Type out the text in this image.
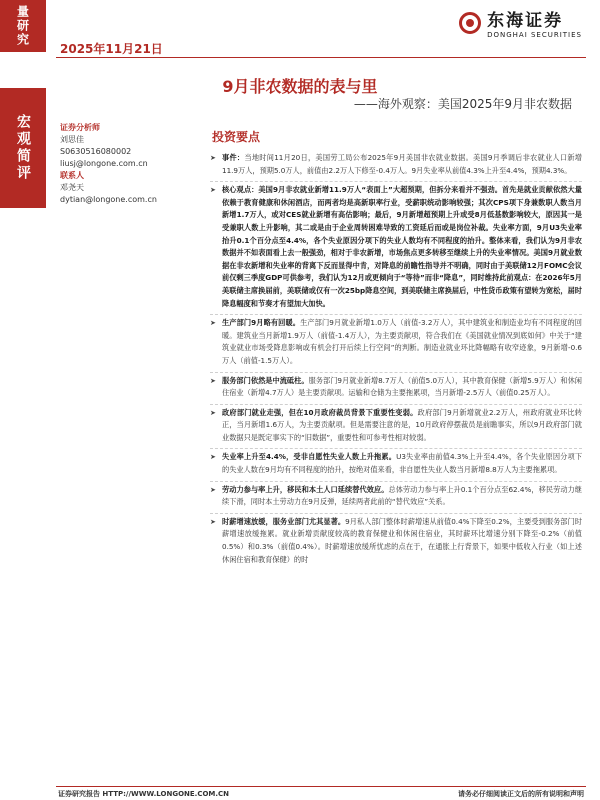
量研究
宏观简评
2025年11月21日
东海证券
DONGHAI SECURITIES
9月非农数据的表与里
——海外观察：美国2025年9月非农数据
证券分析师
刘思佳
S0630516080002
liusj@longone.com.cn
联系人
邓尧天
dytian@longone.com.cn
投资要点
➤ 事件：当地时间11月20日，美国劳工局公布2025年9月美国非农就业数据。美国9月季调后非农就业人口新增11.9万人，预期5.0万人，前值由2.2万人下修至-0.4万人。9月失业率从前值4.3%上升至4.4%，预期4.3%。
➤ 核心观点：美国9月非农就业新增11.9万人“表面上”大超预期，但拆分来看并不强劲。首先是就业贡献依然大量依赖于教育健康和休闲酒店，而两者均是高新职率行业，受薪职统动影响较强；其次CPS项下身兼数职人数当月新增1.7万人，或对CES就业新增有高估影响；最后，9月新增超预期上升或受8月低基数影响较大，原因其一是受兼职人数上升影响，其二或是由于企业周转困难导致的工资延后而或是岗位补裁。失业率方面，9月U3失业率抬升0.1个百分点至4.4%，各个失业原因分项下的失业人数均有不同程度的抬升。整体来看，我们认为9月非农数据并不如表面看上去一般强劲，相对于非农新增，市场焦点更多转移至继续上升的失业率情况。美国9月就业数据在非农新增和失业率的背离下反而显得中肯，对降息的前瞻性指导并不明确，同时由于美联储12月FOMC会议前仅剩三季度GDP可供参考，我们认为12月或更倾向于“等待”而非“降息”，同时维持此前观点：在2026年5月美联储主席换届前，美联储或仅有一次25bp降息空间，到美联储主席换届后，中性货币政策有望转为宽松，届时降息幅度和节奏才有望加大加快。
➤ 生产部门9月略有回暖。生产部门9月就业新增1.0万人（前值-3.2万人），其中建筑业和制造业均有不同程度的回暖。建筑业当月新增1.9万人（前值-1.4万人），为主要贡献项，符合我们在《美国就业情况到底如何》中关于“建筑业就业市场受降息影响或有机会打开后续上行空间”的判断。制造业就业环比降幅略有收窄迹象，9月新增-0.6万人（前值-1.5万人）。
➤ 服务部门依然是中流砥柱。服务部门9月就业新增8.7万人（前值5.0万人），其中教育保健（新增5.9万人）和休闲住宿业（新增4.7万人）是主要贡献项。运输和仓储为主要拖累项，当月新增-2.5万人（前值0.25万人）。
➤ 政府部门就业走强，但在10月政府裁员背景下重要性变弱。政府部门9月新增就业2.2万人，州政府就业环比转正，当月新增1.6万人，为主要贡献项。但是需要注意的是，10月政府停摆裁员是前瞻事实，所以9月政府部门就业数据只是既定事实下的“旧数据”，重要性和可参考性相对较弱。
➤ 失业率上升至4.4%，受非自愿性失业人数上升拖累。U3失业率由前值4.3%上升至4.4%，各个失业原因分项下的失业人数在9月均有不同程度的抬升，按绝对值来看，非自愿性失业人数当月新增8.8万人为主要拖累项。
➤ 劳动力参与率上升，移民和本土人口延续替代效应。总体劳动力参与率上升0.1个百分点至62.4%，移民劳动力继续下滑，同时本土劳动力在9月反弹，延续两者此前的“替代效应”关系。
➤ 时薪增速放缓，服务业部门尤其显著。9月私人部门整体时薪增速从前值0.4%下降至0.2%，主要受到服务部门时薪增速放缓拖累。就业新增贡献度较高的教育保健业和休闲住宿业，其时薪环比增速分别下降至-0.2%（前值0.5%）和0.3%（前值0.4%）。时薪增速放缓所忧虑的点在于，在通胀上行背景下，如果中低收入行业（如上述休闲住宿和教育保健）的时
证券研究报告 HTTP://WWW.LONGONE.COM.CN	请务必仔细阅读正文后的所有说明和声明
